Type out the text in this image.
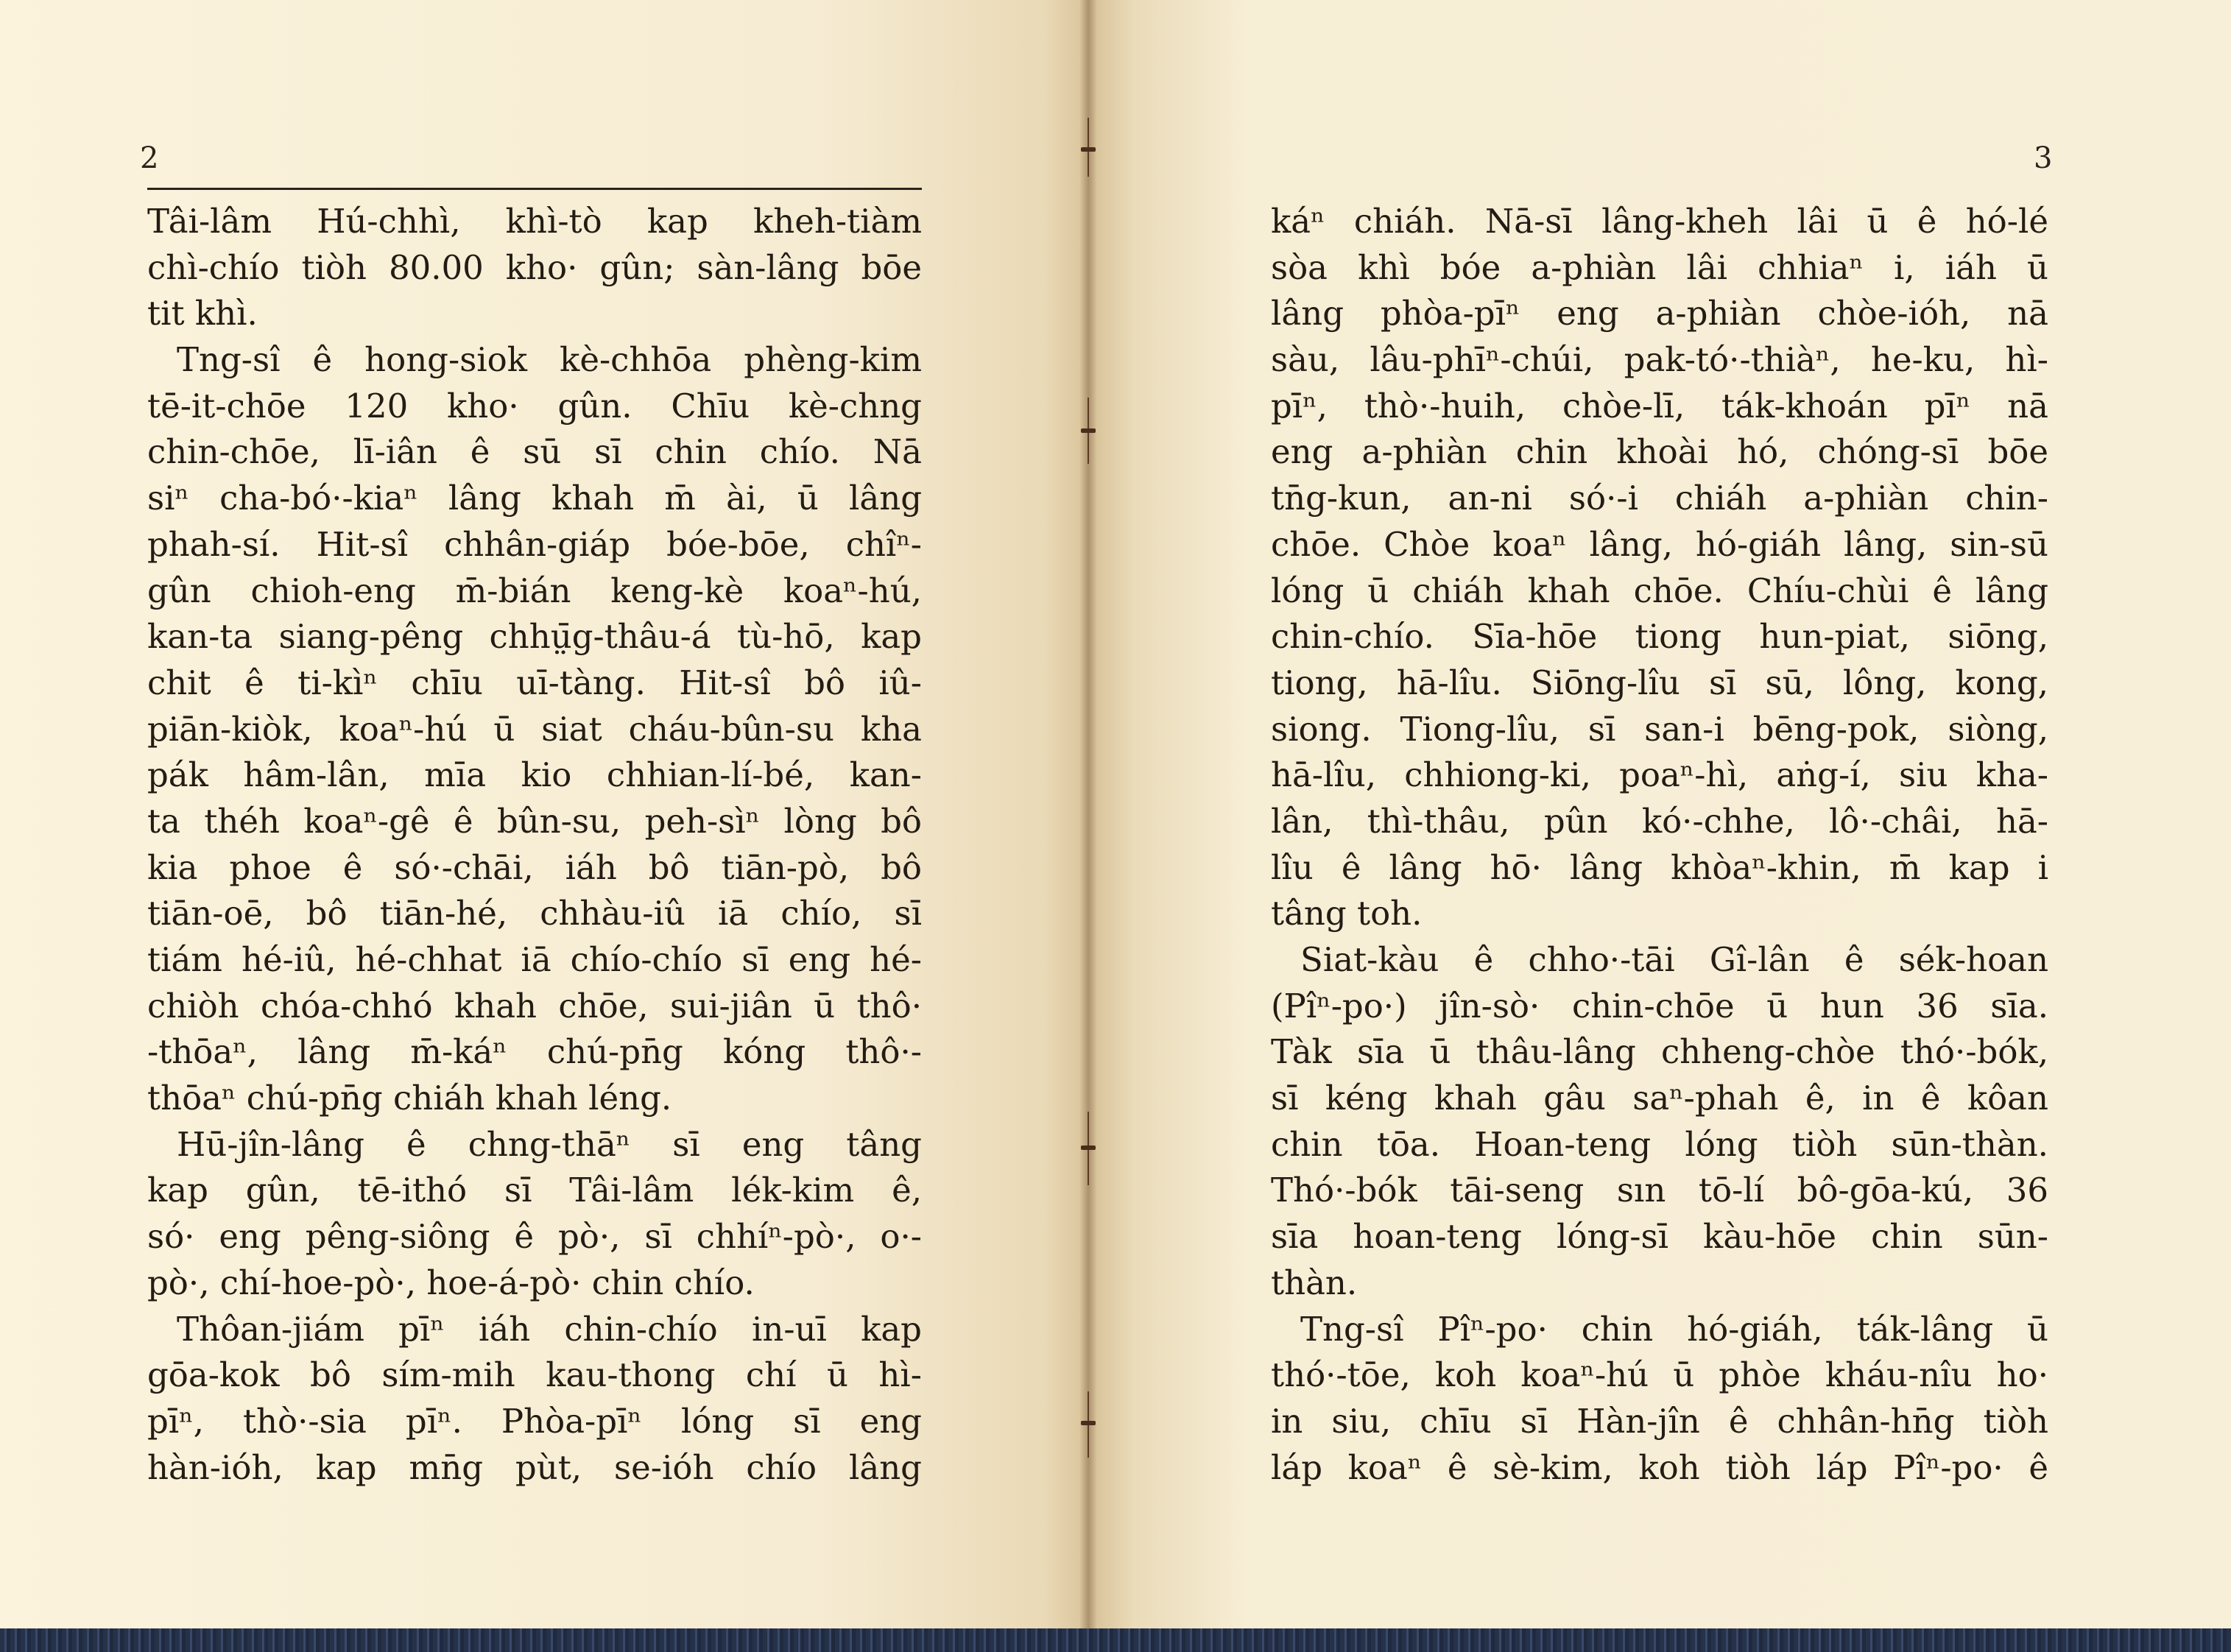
2	3
Tâi-lâm Hú-chhì, khì-tò kap kheh-tiàm
chì-chío tiòh 80.00 kho· gûn; sàn-lâng bōe
tit khì.
Tng-sî ê hong-siok kè-chhōa phèng-kim
tē-it-chōe 120 kho· gûn. Chīu kè-chng
chin-chōe, lī-iân ê sū sī chin chío. Nā
siⁿ cha-bó·-kiaⁿ lâng khah m̄ ài, ū lâng
phah-sí. Hit-sî chhân-giáp bóe-bōe, chîⁿ-
gûn chioh-eng m̄-bián keng-kè koaⁿ-hú,
kan-ta siang-pêng chhṳ̄g-thâu-á tù-hō, kap
chit ê ti-kìⁿ chīu uī-tàng. Hit-sî bô iû-
piān-kiòk, koaⁿ-hú ū siat cháu-bûn-su kha
pák hâm-lân, mīa kio chhian-lí-bé, kan-
ta théh koaⁿ-gê ê bûn-su, peh-sìⁿ lòng bô
kia phoe ê só·-chāi, iáh bô tiān-pò, bô
tiān-oē, bô tiān-hé, chhàu-iû iā chío, sī
tiám hé-iû, hé-chhat iā chío-chío sī eng hé-
chiòh chóa-chhó khah chōe, sui-jiân ū thô·
-thōaⁿ, lâng m̄-káⁿ chú-pn̄g kóng thô·-
thōaⁿ chú-pn̄g chiáh khah léng.
Hū-jîn-lâng ê chng-thāⁿ sī eng tâng
kap gûn, tē-ithó sī Tâi-lâm lék-kim ê,
só· eng pêng-siông ê pò·, sī chhíⁿ-pò·, o·-
pò·, chí-hoe-pò·, hoe-á-pò· chin chío.
Thôan-jiám pīⁿ iáh chin-chío in-uī kap
gōa-kok bô sím-mih kau-thong chí ū hì-
pīⁿ, thò·-sia pīⁿ. Phòa-pīⁿ lóng sī eng
hàn-ióh, kap mn̄g pùt, se-ióh chío lâng
káⁿ chiáh. Nā-sī lâng-kheh lâi ū ê hó-lé
sòa khì bóe a-phiàn lâi chhiaⁿ i, iáh ū
lâng phòa-pīⁿ eng a-phiàn chòe-ióh, nā
sàu, lâu-phīⁿ-chúi, pak-tó·-thiàⁿ, he-ku, hì-
pīⁿ, thò·-huih, chòe-lī, ták-khoán pīⁿ nā
eng a-phiàn chin khoài hó, chóng-sī bōe
tn̄g-kun, an-ni só·-i chiáh a-phiàn chin-
chōe. Chòe koaⁿ lâng, hó-giáh lâng, sin-sū
lóng ū chiáh khah chōe. Chíu-chùi ê lâng
chin-chío. Sīa-hōe tiong hun-piat, siōng,
tiong, hā-lîu. Siōng-lîu sī sū, lông, kong,
siong. Tiong-lîu, sī san-i bēng-pok, siòng,
hā-lîu, chhiong-ki, poaⁿ-hì, aṅg-í, siu kha-
lân, thì-thâu, pûn kó·-chhe, lô·-châi, hā-
lîu ê lâng hō· lâng khòaⁿ-khin, m̄ kap i
tâng toh.
Siat-kàu ê chho·-tāi Gî-lân ê sék-hoan
(Pîⁿ-po·) jîn-sò· chin-chōe ū hun 36 sīa.
Tàk sīa ū thâu-lâng chheng-chòe thó·-bók,
sī kéng khah gâu saⁿ-phah ê, in ê kôan
chin tōa. Hoan-teng lóng tiòh sūn-thàn.
Thó·-bók tāi-seng sın tō-lí bô-gōa-kú, 36
sīa hoan-teng lóng-sī kàu-hōe chin sūn-
thàn.
Tng-sî Pîⁿ-po· chin hó-giáh, ták-lâng ū
thó·-tōe, koh koaⁿ-hú ū phòe kháu-nîu ho·
in siu, chīu sī Hàn-jîn ê chhân-hn̄g tiòh
láp koaⁿ ê sè-kim, koh tiòh láp Pîⁿ-po· ê
